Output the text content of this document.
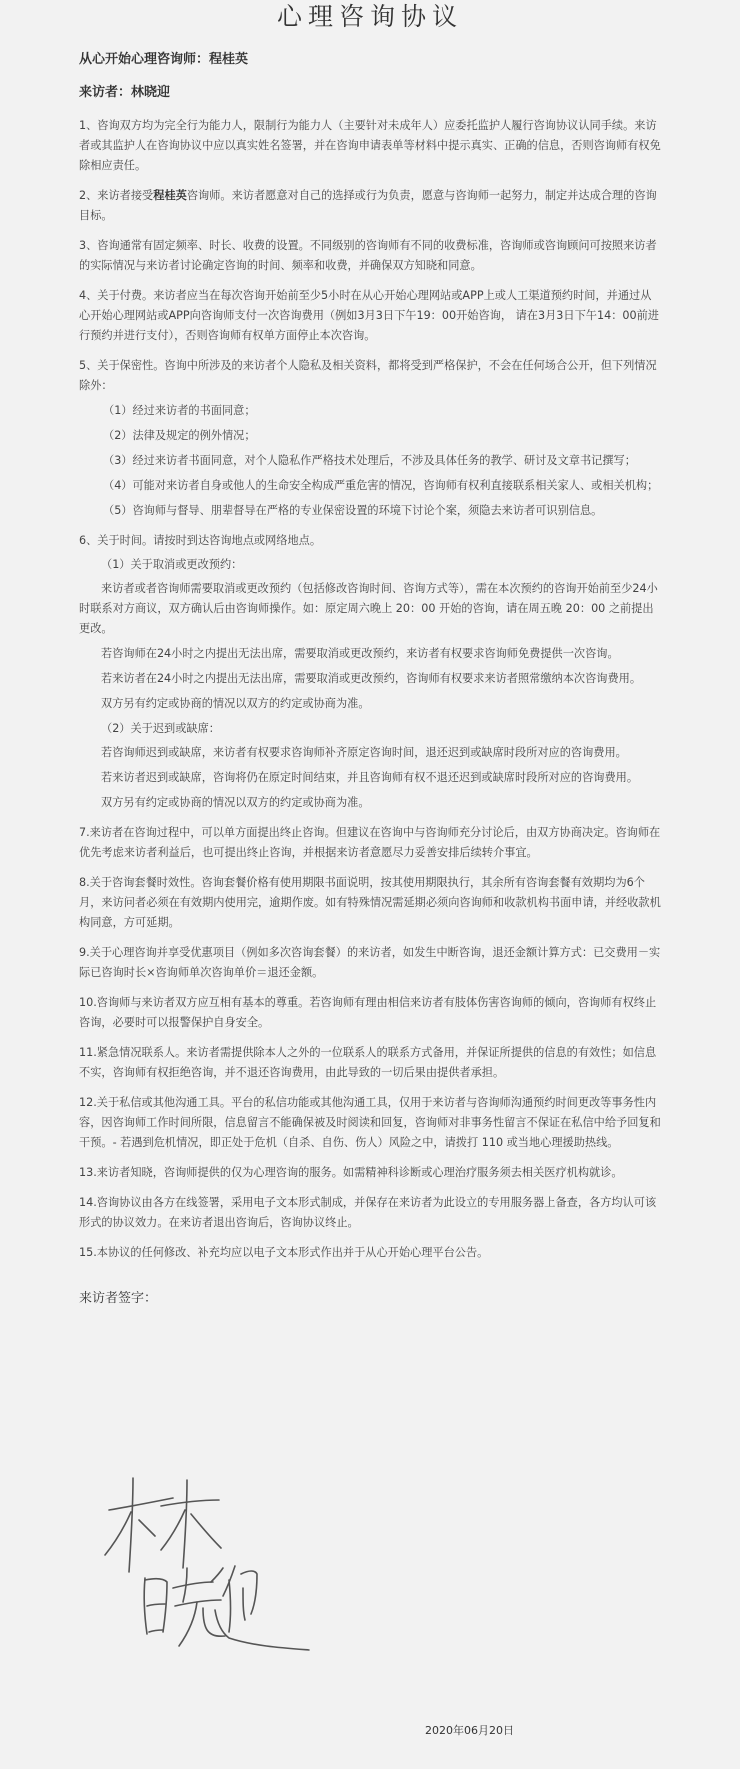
心理咨询协议
从心开始心理咨询师：程桂英
来访者：林晓迎

1、咨询双方均为完全行为能力人，限制行为能力人（主要针对未成年人）应委托监护人履行咨询协议认同手续。来访者或其监护人在咨询协议中应以真实姓名签署，并在咨询申请表单等材料中提示真实、正确的信息，否则咨询师有权免除相应责任。

2、来访者接受程桂英咨询师。来访者愿意对自己的选择或行为负责，愿意与咨询师一起努力，制定并达成合理的咨询目标。

3、咨询通常有固定频率、时长、收费的设置。不同级别的咨询师有不同的收费标准，咨询师或咨询顾问可按照来访者的实际情况与来访者讨论确定咨询的时间、频率和收费，并确保双方知晓和同意。

4、关于付费。来访者应当在每次咨询开始前至少5小时在从心开始心理网站或APP上或人工渠道预约时间，并通过从心开始心理网站或APP向咨询师支付一次咨询费用（例如3月3日下午19：00开始咨询， 请在3月3日下午14：00前进行预约并进行支付），否则咨询师有权单方面停止本次咨询。

5、关于保密性。咨询中所涉及的来访者个人隐私及相关资料，都将受到严格保护，不会在任何场合公开，但下列情况除外：

（1）经过来访者的书面同意；
（2）法律及规定的例外情况；
（3）经过来访者书面同意，对个人隐私作严格技术处理后，不涉及具体任务的教学、研讨及文章书记撰写；
（4）可能对来访者自身或他人的生命安全构成严重危害的情况，咨询师有权利直接联系相关家人、或相关机构；
（5）咨询师与督导、朋辈督导在严格的专业保密设置的环境下讨论个案，须隐去来访者可识别信息。

6、关于时间。请按时到达咨询地点或网络地点。

（1）关于取消或更改预约：
来访者或者咨询师需要取消或更改预约（包括修改咨询时间、咨询方式等），需在本次预约的咨询开始前至少24小时联系对方商议，双方确认后由咨询师操作。如：原定周六晚上 20：00 开始的咨询，请在周五晚 20：00 之前提出更改。
若咨询师在24小时之内提出无法出席，需要取消或更改预约，来访者有权要求咨询师免费提供一次咨询。
若来访者在24小时之内提出无法出席，需要取消或更改预约，咨询师有权要求来访者照常缴纳本次咨询费用。
双方另有约定或协商的情况以双方的约定或协商为准。
（2）关于迟到或缺席：
若咨询师迟到或缺席，来访者有权要求咨询师补齐原定咨询时间，退还迟到或缺席时段所对应的咨询费用。
若来访者迟到或缺席，咨询将仍在原定时间结束，并且咨询师有权不退还迟到或缺席时段所对应的咨询费用。
双方另有约定或协商的情况以双方的约定或协商为准。

7.来访者在咨询过程中，可以单方面提出终止咨询。但建议在咨询中与咨询师充分讨论后，由双方协商决定。咨询师在优先考虑来访者利益后，也可提出终止咨询，并根据来访者意愿尽力妥善安排后续转介事宜。

8.关于咨询套餐时效性。咨询套餐价格有使用期限书面说明，按其使用期限执行，其余所有咨询套餐有效期均为6个月，来访问者必须在有效期内使用完，逾期作废。如有特殊情况需延期必须向咨询师和收款机构书面申请，并经收款机构同意，方可延期。

9.关于心理咨询并享受优惠项目（例如多次咨询套餐）的来访者，如发生中断咨询，退还金额计算方式：已交费用－实际已咨询时长×咨询师单次咨询单价＝退还金额。

10.咨询师与来访者双方应互相有基本的尊重。若咨询师有理由相信来访者有肢体伤害咨询师的倾向，咨询师有权终止咨询，必要时可以报警保护自身安全。

11.紧急情况联系人。来访者需提供除本人之外的一位联系人的联系方式备用，并保证所提供的信息的有效性；如信息不实，咨询师有权拒绝咨询，并不退还咨询费用，由此导致的一切后果由提供者承担。

12.关于私信或其他沟通工具。平台的私信功能或其他沟通工具，仅用于来访者与咨询师沟通预约时间更改等事务性内容，因咨询师工作时间所限，信息留言不能确保被及时阅读和回复，咨询师对非事务性留言不保证在私信中给予回复和干预。- 若遇到危机情况，即正处于危机（自杀、自伤、伤人）风险之中，请拨打 110 或当地心理援助热线。

13.来访者知晓，咨询师提供的仅为心理咨询的服务。如需精神科诊断或心理治疗服务须去相关医疗机构就诊。

14.咨询协议由各方在线签署，采用电子文本形式制成，并保存在来访者为此设立的专用服务器上备查，各方均认可该形式的协议效力。在来访者退出咨询后，咨询协议终止。

15.本协议的任何修改、补充均应以电子文本形式作出并于从心开始心理平台公告。

来访者签字：
2020年06月20日
